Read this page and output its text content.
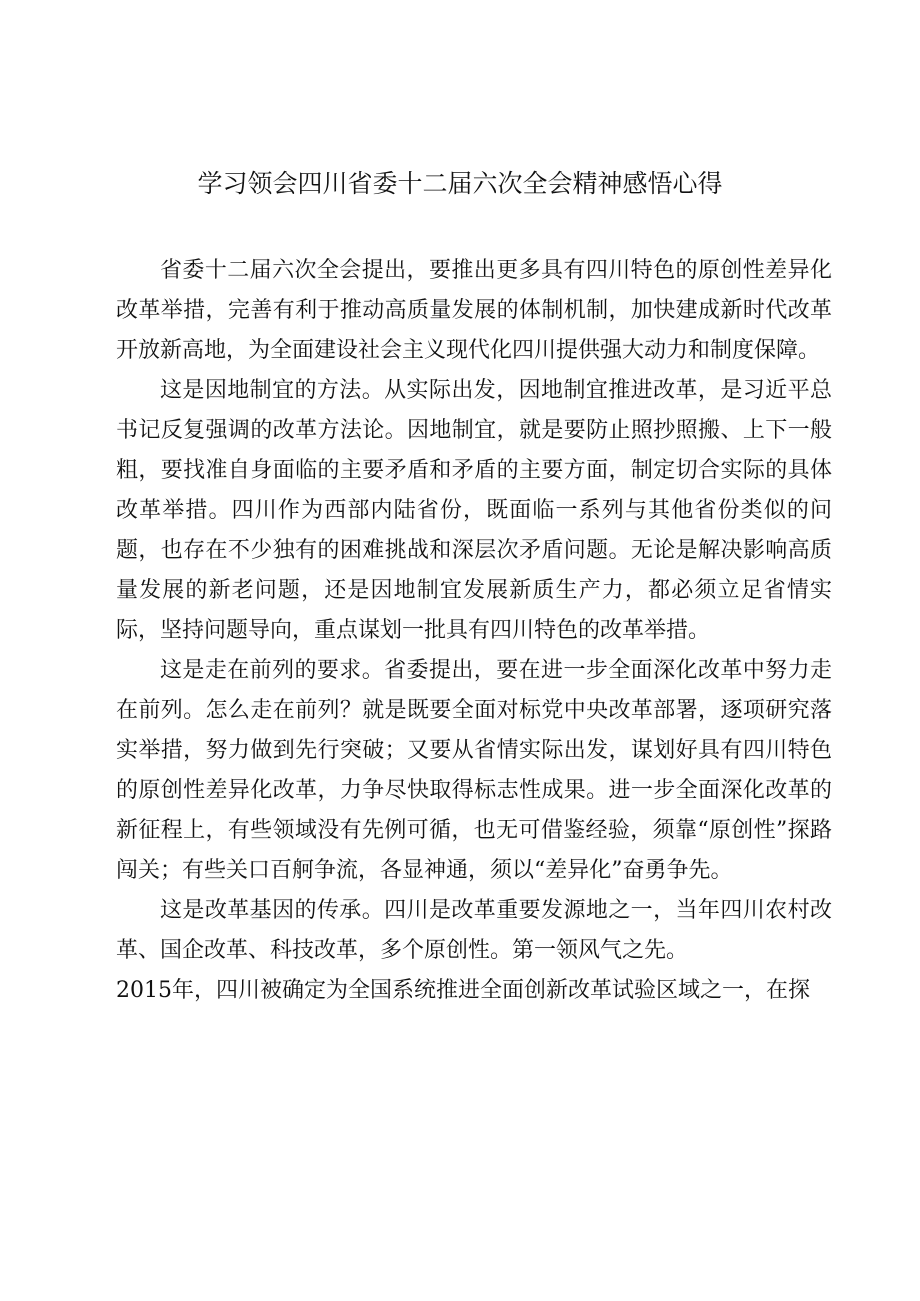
学习领会四川省委十二届六次全会精神感悟心得

省委十二届六次全会提出，要推出更多具有四川特色的原创性差异化改革举措，完善有利于推动高质量发展的体制机制，加快建成新时代改革开放新高地，为全面建设社会主义现代化四川提供强大动力和制度保障。

这是因地制宜的方法。从实际出发，因地制宜推进改革，是习近平总书记反复强调的改革方法论。因地制宜，就是要防止照抄照搬、上下一般粗，要找准自身面临的主要矛盾和矛盾的主要方面，制定切合实际的具体改革举措。四川作为西部内陆省份，既面临一系列与其他省份类似的问题，也存在不少独有的困难挑战和深层次矛盾问题。无论是解决影响高质量发展的新老问题，还是因地制宜发展新质生产力，都必须立足省情实际，坚持问题导向，重点谋划一批具有四川特色的改革举措。

这是走在前列的要求。省委提出，要在进一步全面深化改革中努力走在前列。怎么走在前列？就是既要全面对标党中央改革部署，逐项研究落实举措，努力做到先行突破；又要从省情实际出发，谋划好具有四川特色的原创性差异化改革，力争尽快取得标志性成果。进一步全面深化改革的新征程上，有些领域没有先例可循，也无可借鉴经验，须靠“原创性”探路闯关；有些关口百舸争流，各显神通，须以“差异化”奋勇争先。

这是改革基因的传承。四川是改革重要发源地之一，当年四川农村改革、国企改革、科技改革，多个原创性。第一领风气之先。

2015年，四川被确定为全国系统推进全面创新改革试验区域之一，在探
